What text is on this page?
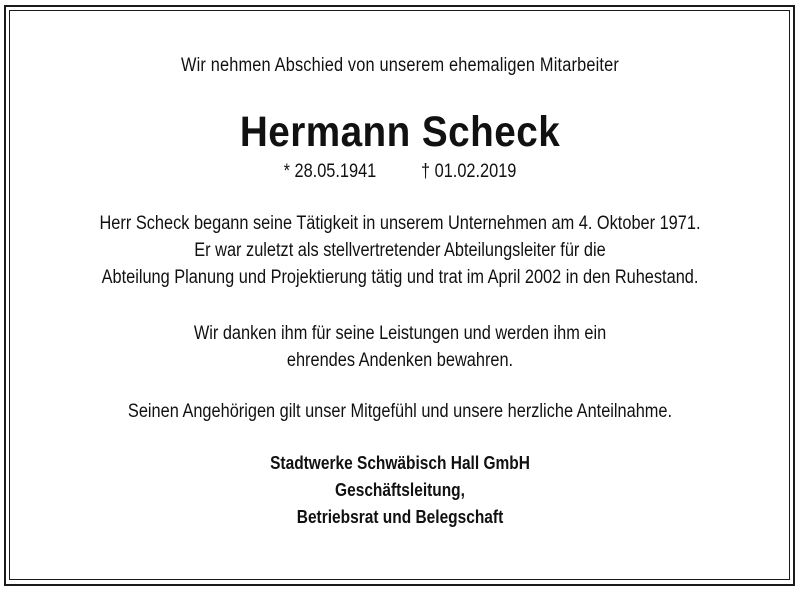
Wir nehmen Abschied von unserem ehemaligen Mitarbeiter
Hermann Scheck
* 28.05.1941 † 01.02.2019
Herr Scheck begann seine Tätigkeit in unserem Unternehmen am 4. Oktober 1971.
Er war zuletzt als stellvertretender Abteilungsleiter für die
Abteilung Planung und Projektierung tätig und trat im April 2002 in den Ruhestand.
Wir danken ihm für seine Leistungen und werden ihm ein
ehrendes Andenken bewahren.
Seinen Angehörigen gilt unser Mitgefühl und unsere herzliche Anteilnahme.
Stadtwerke Schwäbisch Hall GmbH
Geschäftsleitung,
Betriebsrat und Belegschaft
